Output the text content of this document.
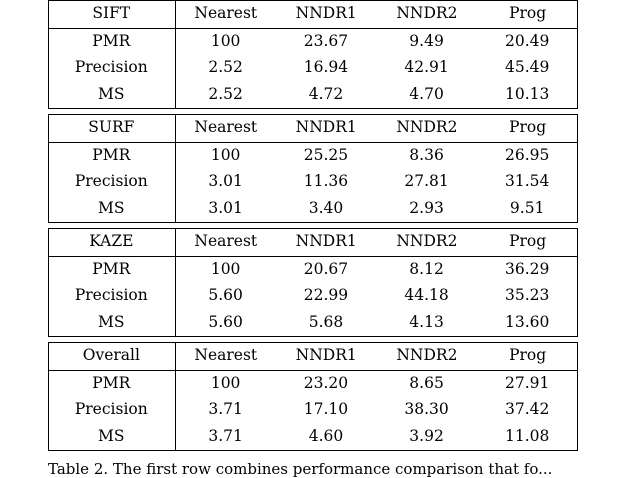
SIFT	Nearest	NNDR1	NNDR2	Prog
PMR	100	23.67	9.49	20.49
Precision	2.52	16.94	42.91	45.49
MS	2.52	4.72	4.70	10.13
SURF	Nearest	NNDR1	NNDR2	Prog
PMR	100	25.25	8.36	26.95
Precision	3.01	11.36	27.81	31.54
MS	3.01	3.40	2.93	9.51
KAZE	Nearest	NNDR1	NNDR2	Prog
PMR	100	20.67	8.12	36.29
Precision	5.60	22.99	44.18	35.23
MS	5.60	5.68	4.13	13.60
Overall	Nearest	NNDR1	NNDR2	Prog
PMR	100	23.20	8.65	27.91
Precision	3.71	17.10	38.30	37.42
MS	3.71	4.60	3.92	11.08
Table 2. The first row combines performance comparison that fo...
